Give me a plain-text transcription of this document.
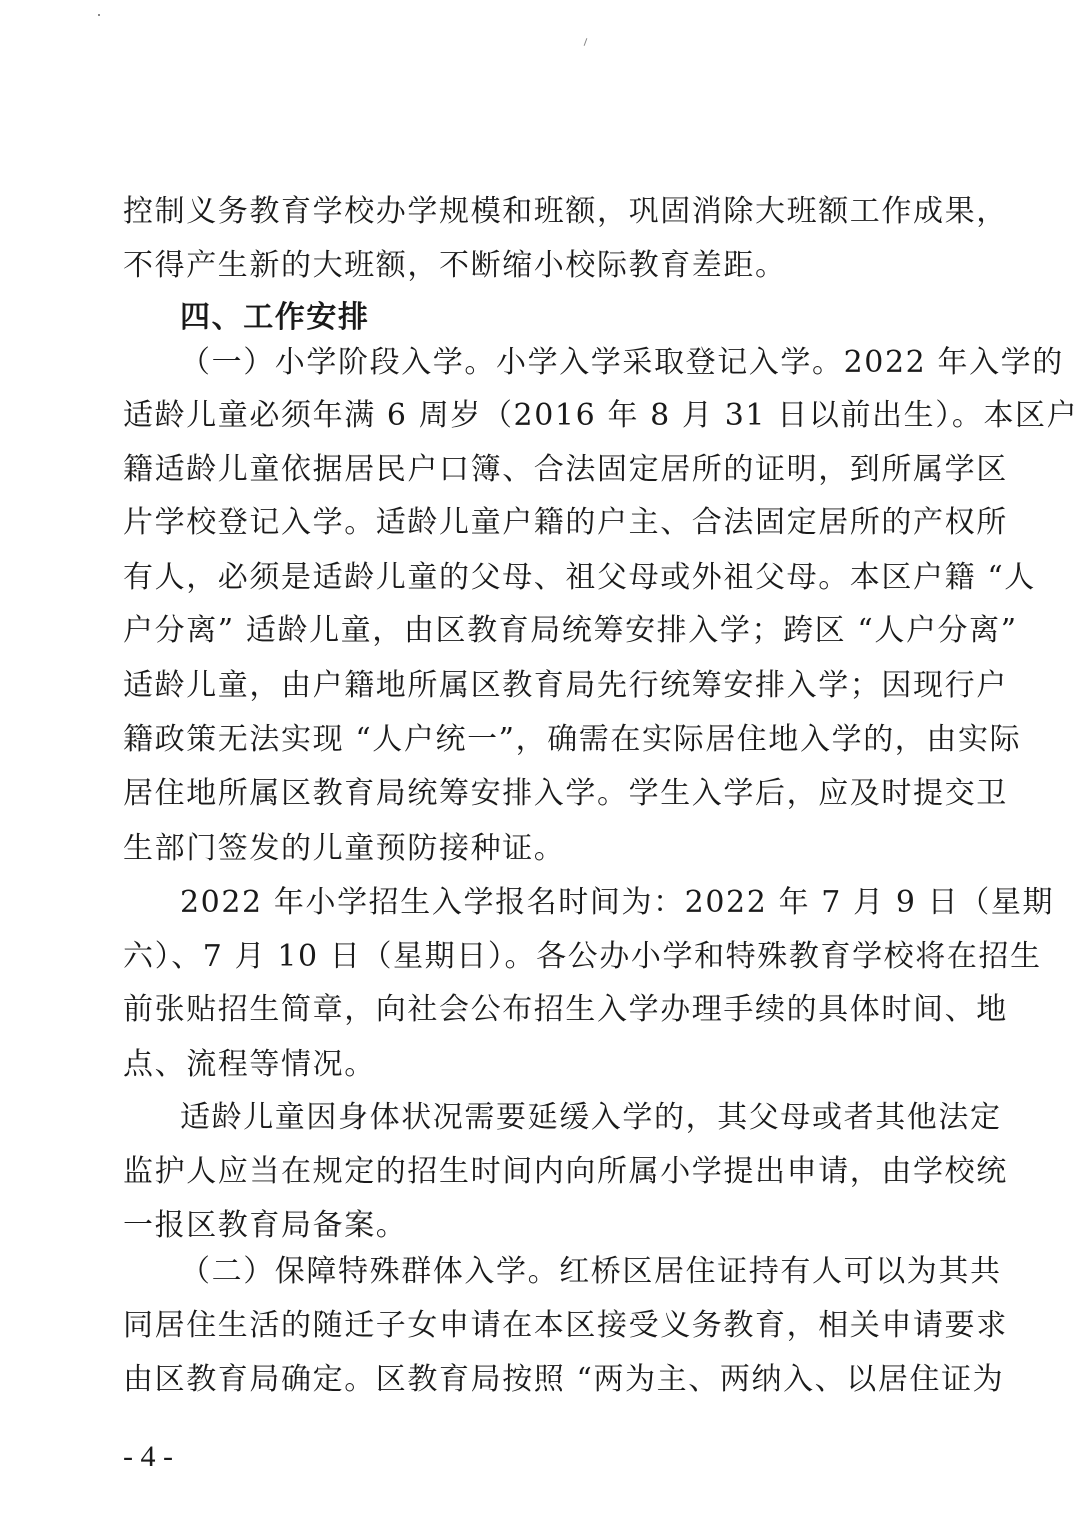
控制义务教育学校办学规模和班额，巩固消除大班额工作成果，
不得产生新的大班额，不断缩小校际教育差距。
四、工作安排
（一）小学阶段入学。小学入学采取登记入学。2022 年入学的
适龄儿童必须年满 6 周岁（2016 年 8 月 31 日以前出生）。本区户
籍适龄儿童依据居民户口簿、合法固定居所的证明，到所属学区
片学校登记入学。适龄儿童户籍的户主、合法固定居所的产权所
有人，必须是适龄儿童的父母、祖父母或外祖父母。本区户籍 “人
户分离” 适龄儿童，由区教育局统筹安排入学；跨区 “人户分离”
适龄儿童，由户籍地所属区教育局先行统筹安排入学；因现行户
籍政策无法实现 “人户统一”，确需在实际居住地入学的，由实际
居住地所属区教育局统筹安排入学。学生入学后，应及时提交卫
生部门签发的儿童预防接种证。
2022 年小学招生入学报名时间为：2022 年 7 月 9 日（星期
六）、7 月 10 日（星期日）。各公办小学和特殊教育学校将在招生
前张贴招生简章，向社会公布招生入学办理手续的具体时间、地
点、流程等情况。
适龄儿童因身体状况需要延缓入学的，其父母或者其他法定
监护人应当在规定的招生时间内向所属小学提出申请，由学校统
一报区教育局备案。
（二）保障特殊群体入学。红桥区居住证持有人可以为其共
同居住生活的随迁子女申请在本区接受义务教育，相关申请要求
由区教育局确定。区教育局按照 “两为主、两纳入、以居住证为
- 4 -
